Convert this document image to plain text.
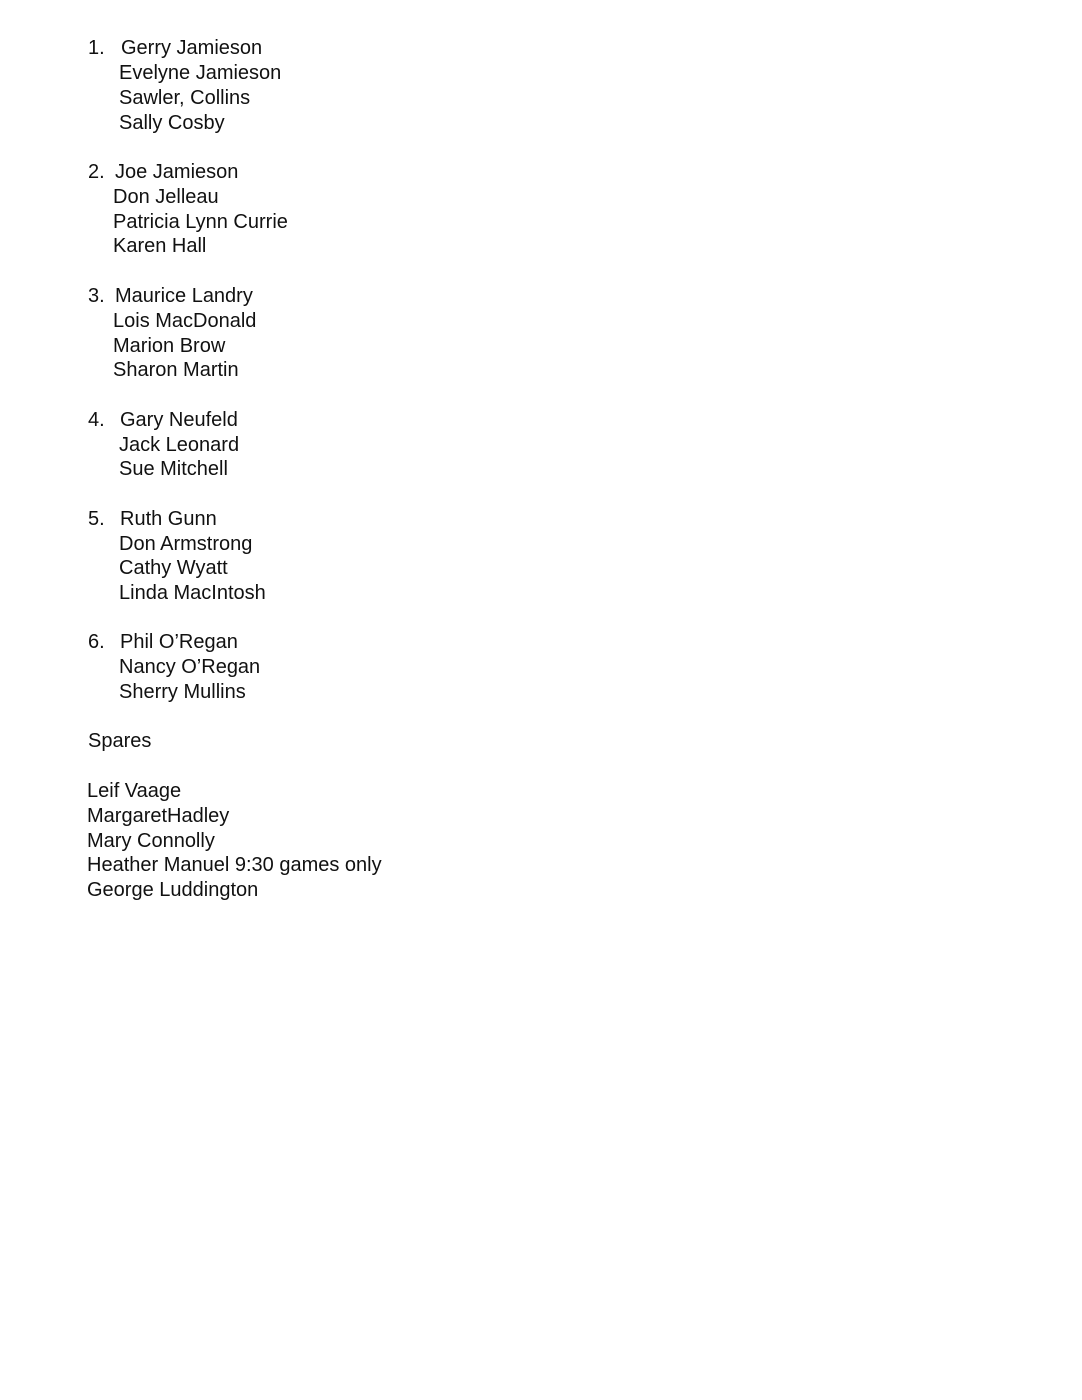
1. Gerry Jamieson
Evelyne Jamieson
Sawler, Collins
Sally Cosby
2. Joe Jamieson
Don Jelleau
Patricia Lynn Currie
Karen Hall
3. Maurice Landry
Lois MacDonald
Marion Brow
Sharon Martin
4. Gary Neufeld
Jack Leonard
Sue Mitchell
5. Ruth Gunn
Don Armstrong
Cathy Wyatt
Linda MacIntosh
6. Phil O’Regan
Nancy O’Regan
Sherry Mullins
Spares
Leif Vaage
MargaretHadley
Mary Connolly
Heather Manuel 9:30 games only
George Luddington
